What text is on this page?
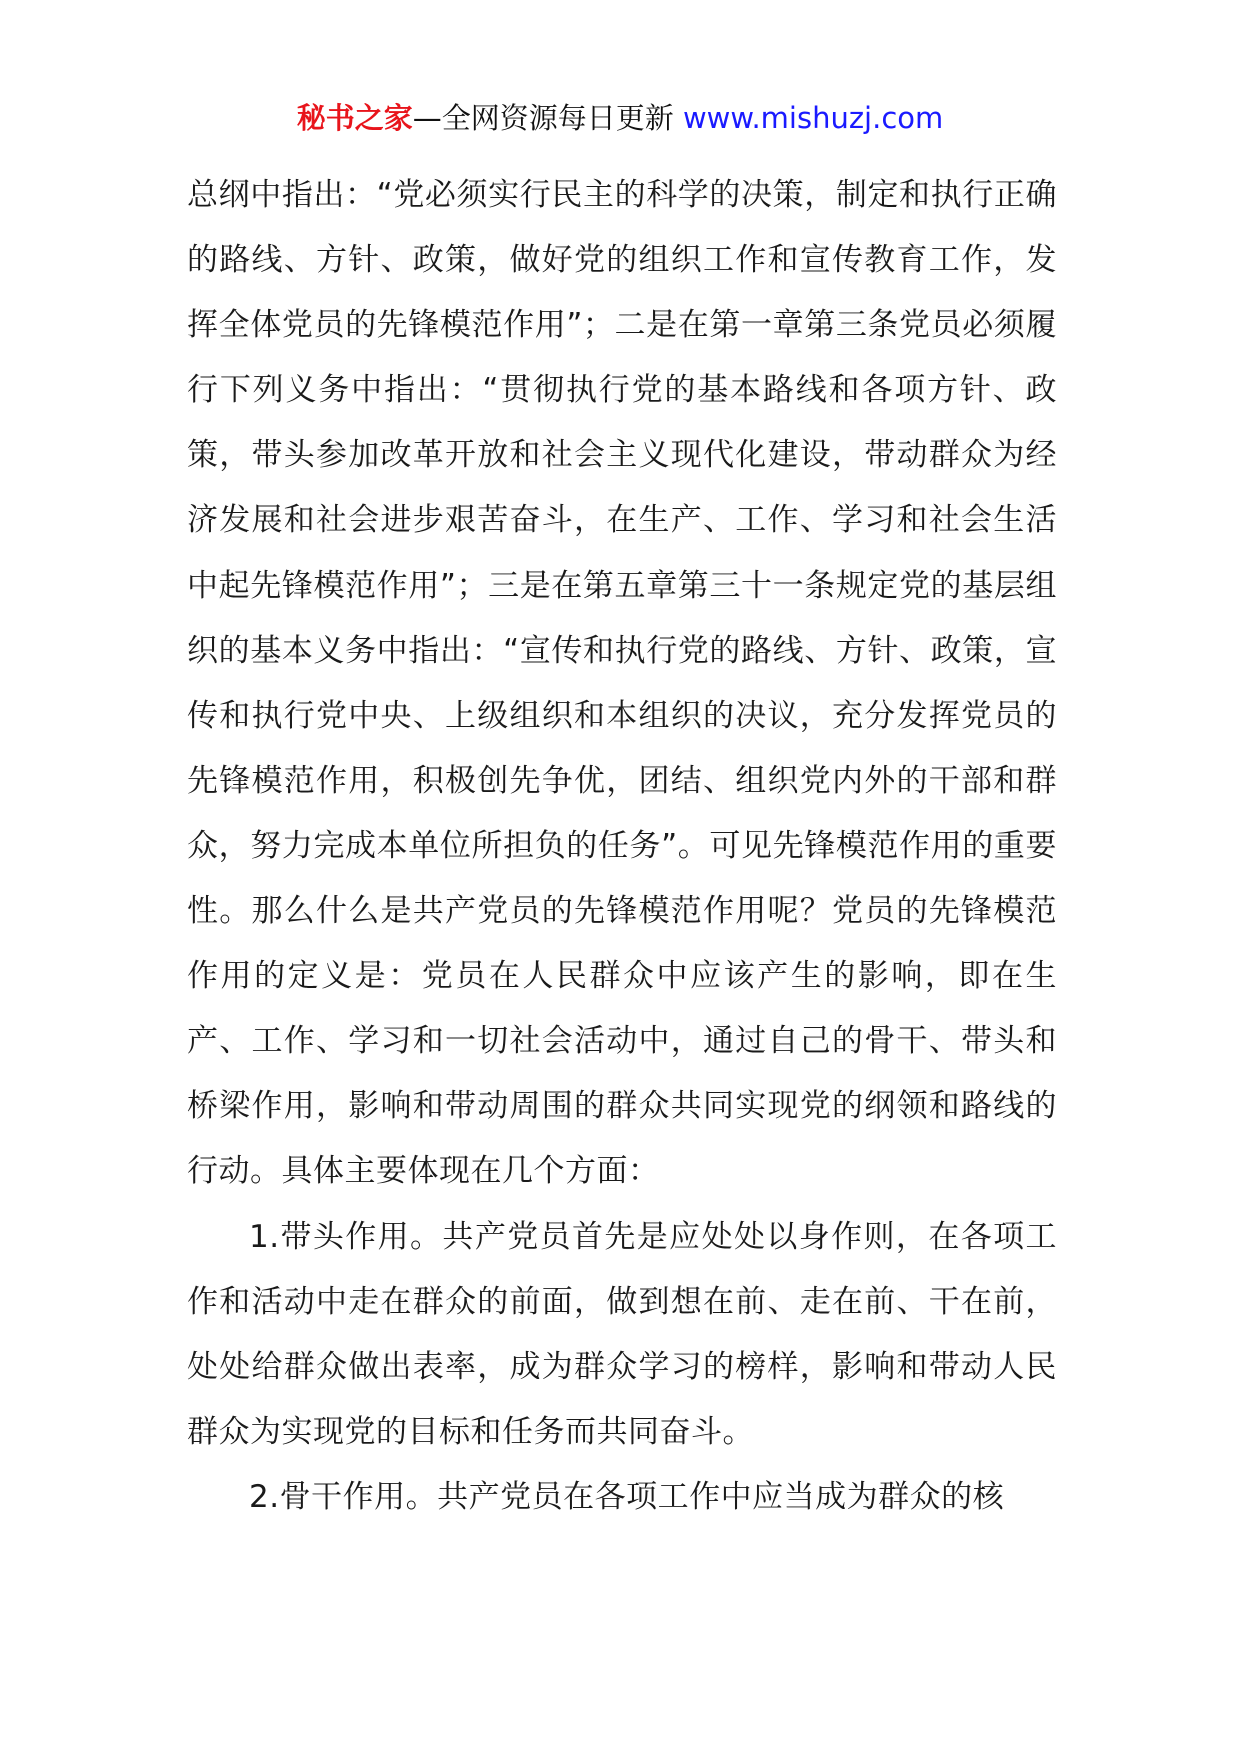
秘书之家—全网资源每日更新 www.mishuzj.com

总纲中指出：“党必须实行民主的科学的决策，制定和执行正确的路线、方针、政策，做好党的组织工作和宣传教育工作，发挥全体党员的先锋模范作用”；二是在第一章第三条党员必须履行下列义务中指出：“贯彻执行党的基本路线和各项方针、政策，带头参加改革开放和社会主义现代化建设，带动群众为经济发展和社会进步艰苦奋斗，在生产、工作、学习和社会生活中起先锋模范作用”；三是在第五章第三十一条规定党的基层组织的基本义务中指出：“宣传和执行党的路线、方针、政策，宣传和执行党中央、上级组织和本组织的决议，充分发挥党员的先锋模范作用，积极创先争优，团结、组织党内外的干部和群众，努力完成本单位所担负的任务”。可见先锋模范作用的重要性。那么什么是共产党员的先锋模范作用呢？党员的先锋模范作用的定义是：党员在人民群众中应该产生的影响，即在生产、工作、学习和一切社会活动中，通过自己的骨干、带头和桥梁作用，影响和带动周围的群众共同实现党的纲领和路线的行动。具体主要体现在几个方面：

1.带头作用。共产党员首先是应处处以身作则，在各项工作和活动中走在群众的前面，做到想在前、走在前、干在前，处处给群众做出表率，成为群众学习的榜样，影响和带动人民群众为实现党的目标和任务而共同奋斗。

2.骨干作用。共产党员在各项工作中应当成为群众的核
